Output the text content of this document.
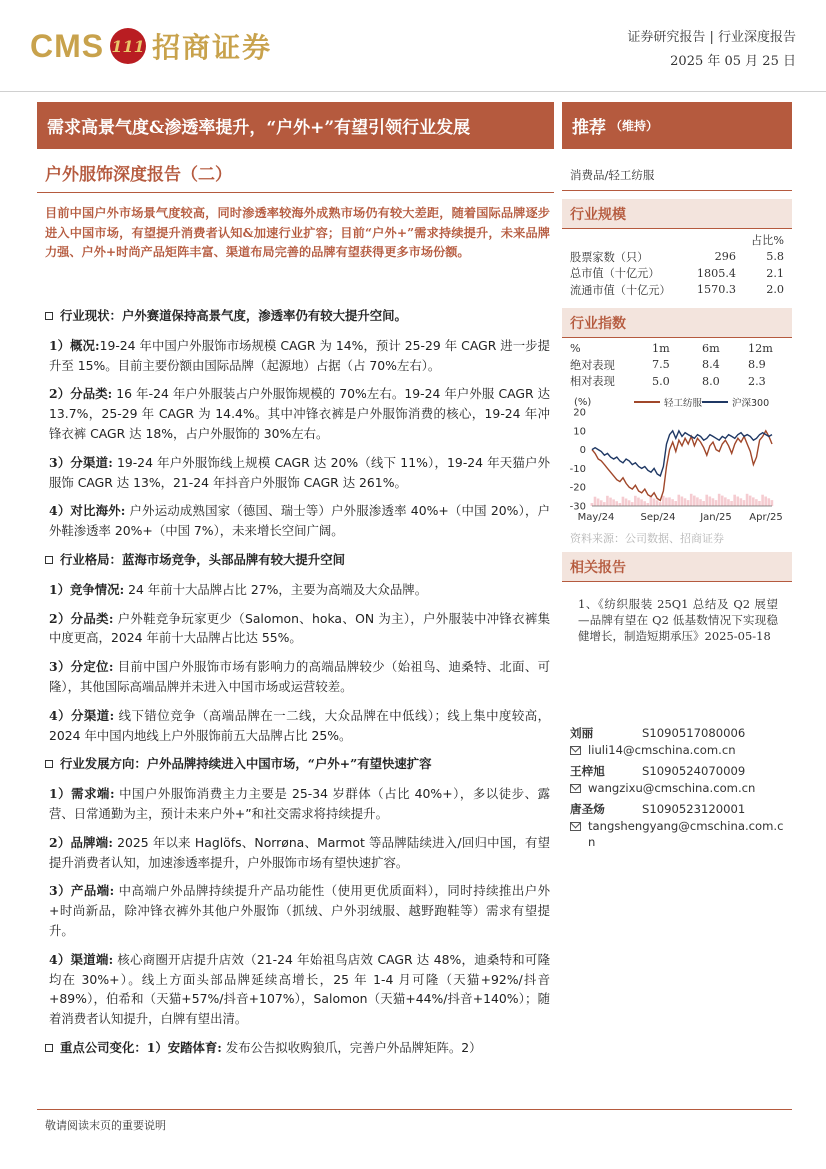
CMS 111 招商证券	证券研究报告 | 行业深度报告
2025 年 05 月 25 日
需求高景气度&渗透率提升，“户外+”有望引领行业发展
户外服饰深度报告（二）
目前中国户外市场景气度较高，同时渗透率较海外成熟市场仍有较大差距，随着国际品牌逐步进入中国市场，有望提升消费者认知&加速行业扩容；目前“户外+”需求持续提升，未来品牌力强、户外+时尚产品矩阵丰富、渠道布局完善的品牌有望获得更多市场份额。
行业现状：户外赛道保持高景气度，渗透率仍有较大提升空间。
1）概况:19-24 年中国户外服饰市场规模 CAGR 为 14%，预计 25-29 年 CAGR 进一步提升至 15%。目前主要份额由国际品牌（起源地）占据（占 70%左右）。
2）分品类: 16 年-24 年户外服装占户外服饰规模的 70%左右。19-24 年户外服 CAGR 达 13.7%，25-29 年 CAGR 为 14.4%。其中冲锋衣裤是户外服饰消费的核心，19-24 年冲锋衣裤 CAGR 达 18%，占户外服饰的 30%左右。
3）分渠道: 19-24 年户外服饰线上规模 CAGR 达 20%（线下 11%），19-24 年天猫户外服饰 CAGR 达 13%，21-24 年抖音户外服饰 CAGR 达 261%。
4）对比海外: 户外运动成熟国家（德国、瑞士等）户外服渗透率 40%+（中国 20%），户外鞋渗透率 20%+（中国 7%），未来增长空间广阔。
行业格局：蓝海市场竞争，头部品牌有较大提升空间
1）竞争情况: 24 年前十大品牌占比 27%，主要为高端及大众品牌。
2）分品类: 户外鞋竞争玩家更少（Salomon、hoka、ON 为主），户外服装中冲锋衣裤集中度更高，2024 年前十大品牌占比达 55%。
3）分定位: 目前中国户外服饰市场有影响力的高端品牌较少（始祖鸟、迪桑特、北面、可隆），其他国际高端品牌并未进入中国市场或运营较差。
4）分渠道: 线下错位竞争（高端品牌在一二线，大众品牌在中低线）；线上集中度较高，2024 年中国内地线上户外服饰前五大品牌占比 25%。
行业发展方向：户外品牌持续进入中国市场，“户外+”有望快速扩容
1）需求端: 中国户外服饰消费主力主要是 25-34 岁群体（占比 40%+），多以徒步、露营、日常通勤为主，预计未来户外+”和社交需求将持续提升。
2）品牌端: 2025 年以来 Haglöfs、Norrøna、Marmot 等品牌陆续进入/回归中国，有望提升消费者认知，加速渗透率提升，户外服饰市场有望快速扩容。
3）产品端: 中高端户外品牌持续提升产品功能性（使用更优质面料），同时持续推出户外+时尚新品，除冲锋衣裤外其他户外服饰（抓绒、户外羽绒服、越野跑鞋等）需求有望提升。
4）渠道端: 核心商圈开店提升店效（21-24 年始祖鸟店效 CAGR 达 48%，迪桑特和可隆均在 30%+）。线上方面头部品牌延续高增长，25 年 1-4 月可隆（天猫+92%/抖音+89%），伯希和（天猫+57%/抖音+107%），Salomon（天猫+44%/抖音+140%）；随着消费者认知提升，白牌有望出清。
重点公司变化：1）安踏体育: 发布公告拟收购狼爪，完善户外品牌矩阵。2）
推荐 （维持）
消费品/轻工纺服
行业规模
占比%
股票家数（只）	296	5.8
总市值（十亿元）	1805.4	2.1
流通市值（十亿元）	1570.3	2.0
行业指数
%	1m	6m	12m
绝对表现	7.5	8.4	8.9
相对表现	5.0	8.0	2.3
20
10
0
-10
-20
-30
(%)
May/24	Sep/24 Jan/25 Apr/25
轻工纺服	沪深300
资料来源：公司数据、招商证券
相关报告
1、《纺织服装 25Q1 总结及 Q2 展望—品牌有望在 Q2 低基数情况下实现稳健增长，制造短期承压》2025-05-18
刘丽	S1090517080006
liuli14@cmschina.com.cn
王梓旭	S1090524070009
wangzixu@cmschina.com.cn
唐圣炀	S1090523120001
tangshengyang@cmschina.com.cn
敬请阅读末页的重要说明
